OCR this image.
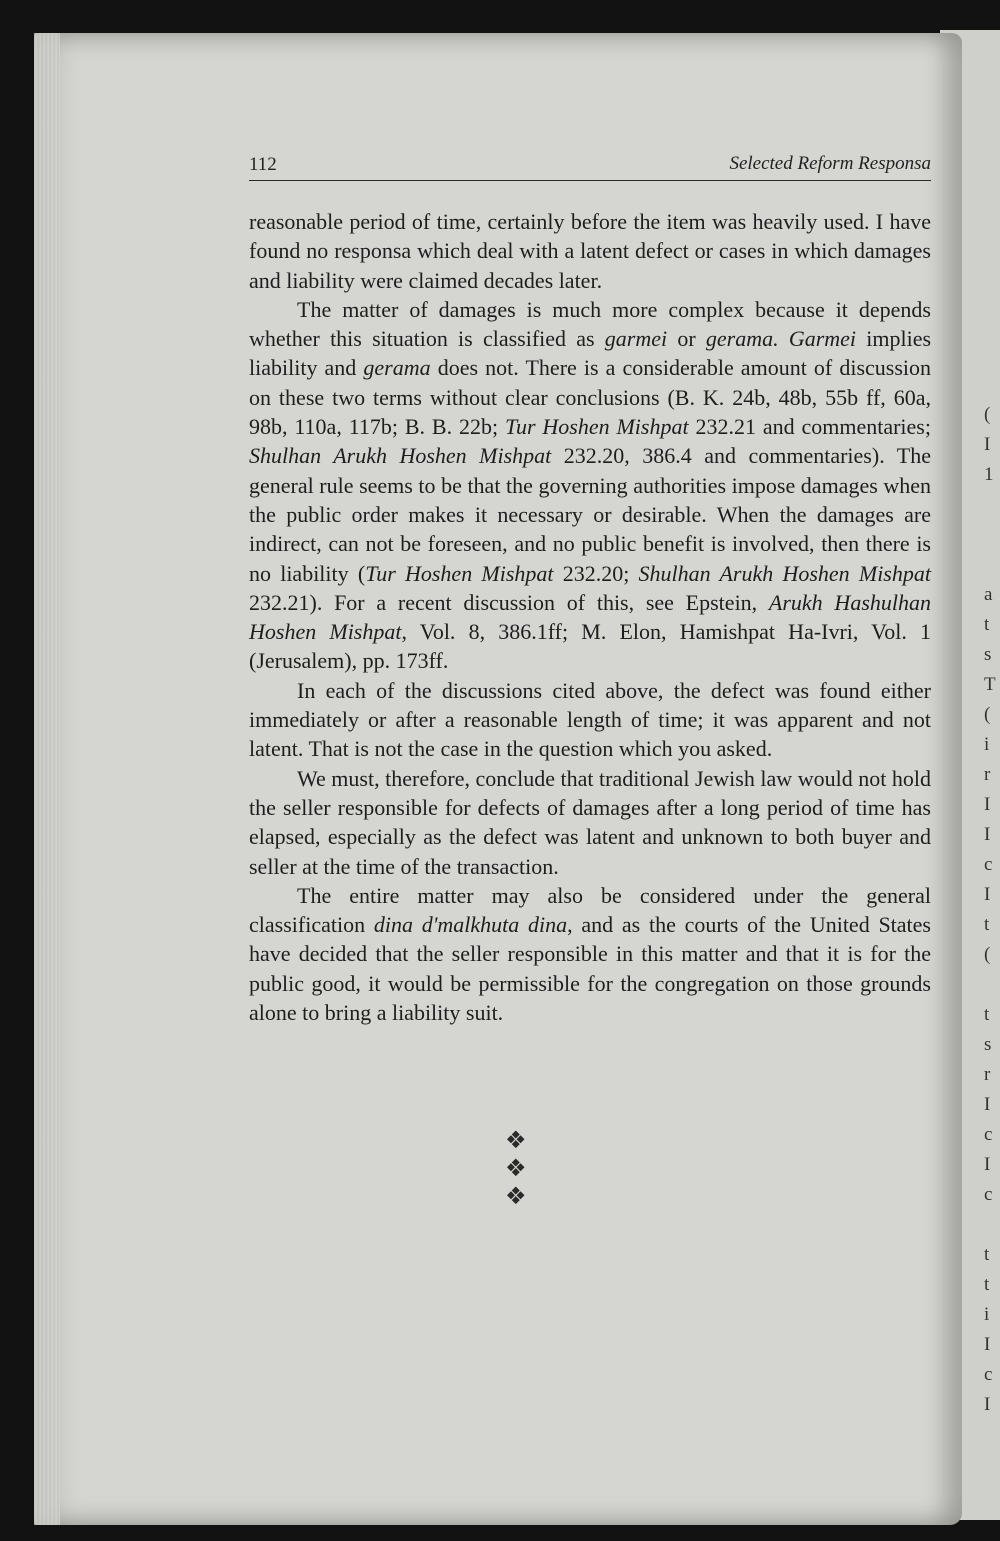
112	Selected Reform Responsa

reasonable period of time, certainly before the item was heavily used. I have found no responsa which deal with a latent defect or cases in which damages and liability were claimed decades later.

The matter of damages is much more complex because it depends whether this situation is classified as garmei or gerama. Garmei implies liability and gerama does not. There is a considerable amount of discussion on these two terms without clear conclusions (B. K. 24b, 48b, 55b ff, 60a, 98b, 110a, 117b; B. B. 22b; Tur Hoshen Mishpat 232.21 and commentaries; Shulhan Arukh Hoshen Mishpat 232.20, 386.4 and commentaries). The general rule seems to be that the governing authorities impose damages when the public order makes it necessary or desirable. When the damages are indirect, can not be foreseen, and no public benefit is involved, then there is no liability (Tur Hoshen Mishpat 232.20; Shulhan Arukh Hoshen Mishpat 232.21). For a recent discussion of this, see Epstein, Arukh Hashulhan Hoshen Mishpat, Vol. 8, 386.1ff; M. Elon, Hamishpat Ha-Ivri, Vol. 1 (Jerusalem), pp. 173ff.

In each of the discussions cited above, the defect was found either immediately or after a reasonable length of time; it was apparent and not latent. That is not the case in the question which you asked.

We must, therefore, conclude that traditional Jewish law would not hold the seller responsible for defects of damages after a long period of time has elapsed, especially as the defect was latent and unknown to both buyer and seller at the time of the transaction.

The entire matter may also be considered under the general classification dina d'malkhuta dina, and as the courts of the United States have decided that the seller responsible in this matter and that it is for the public good, it would be permissible for the congregation on those grounds alone to bring a liability suit.

❖ ❖ ❖
(
I
1

a
t
s
T
(
i
r
I
I
c
I
t
(

t
s
r
I
c
I
c

t
t
i
I
c
I
